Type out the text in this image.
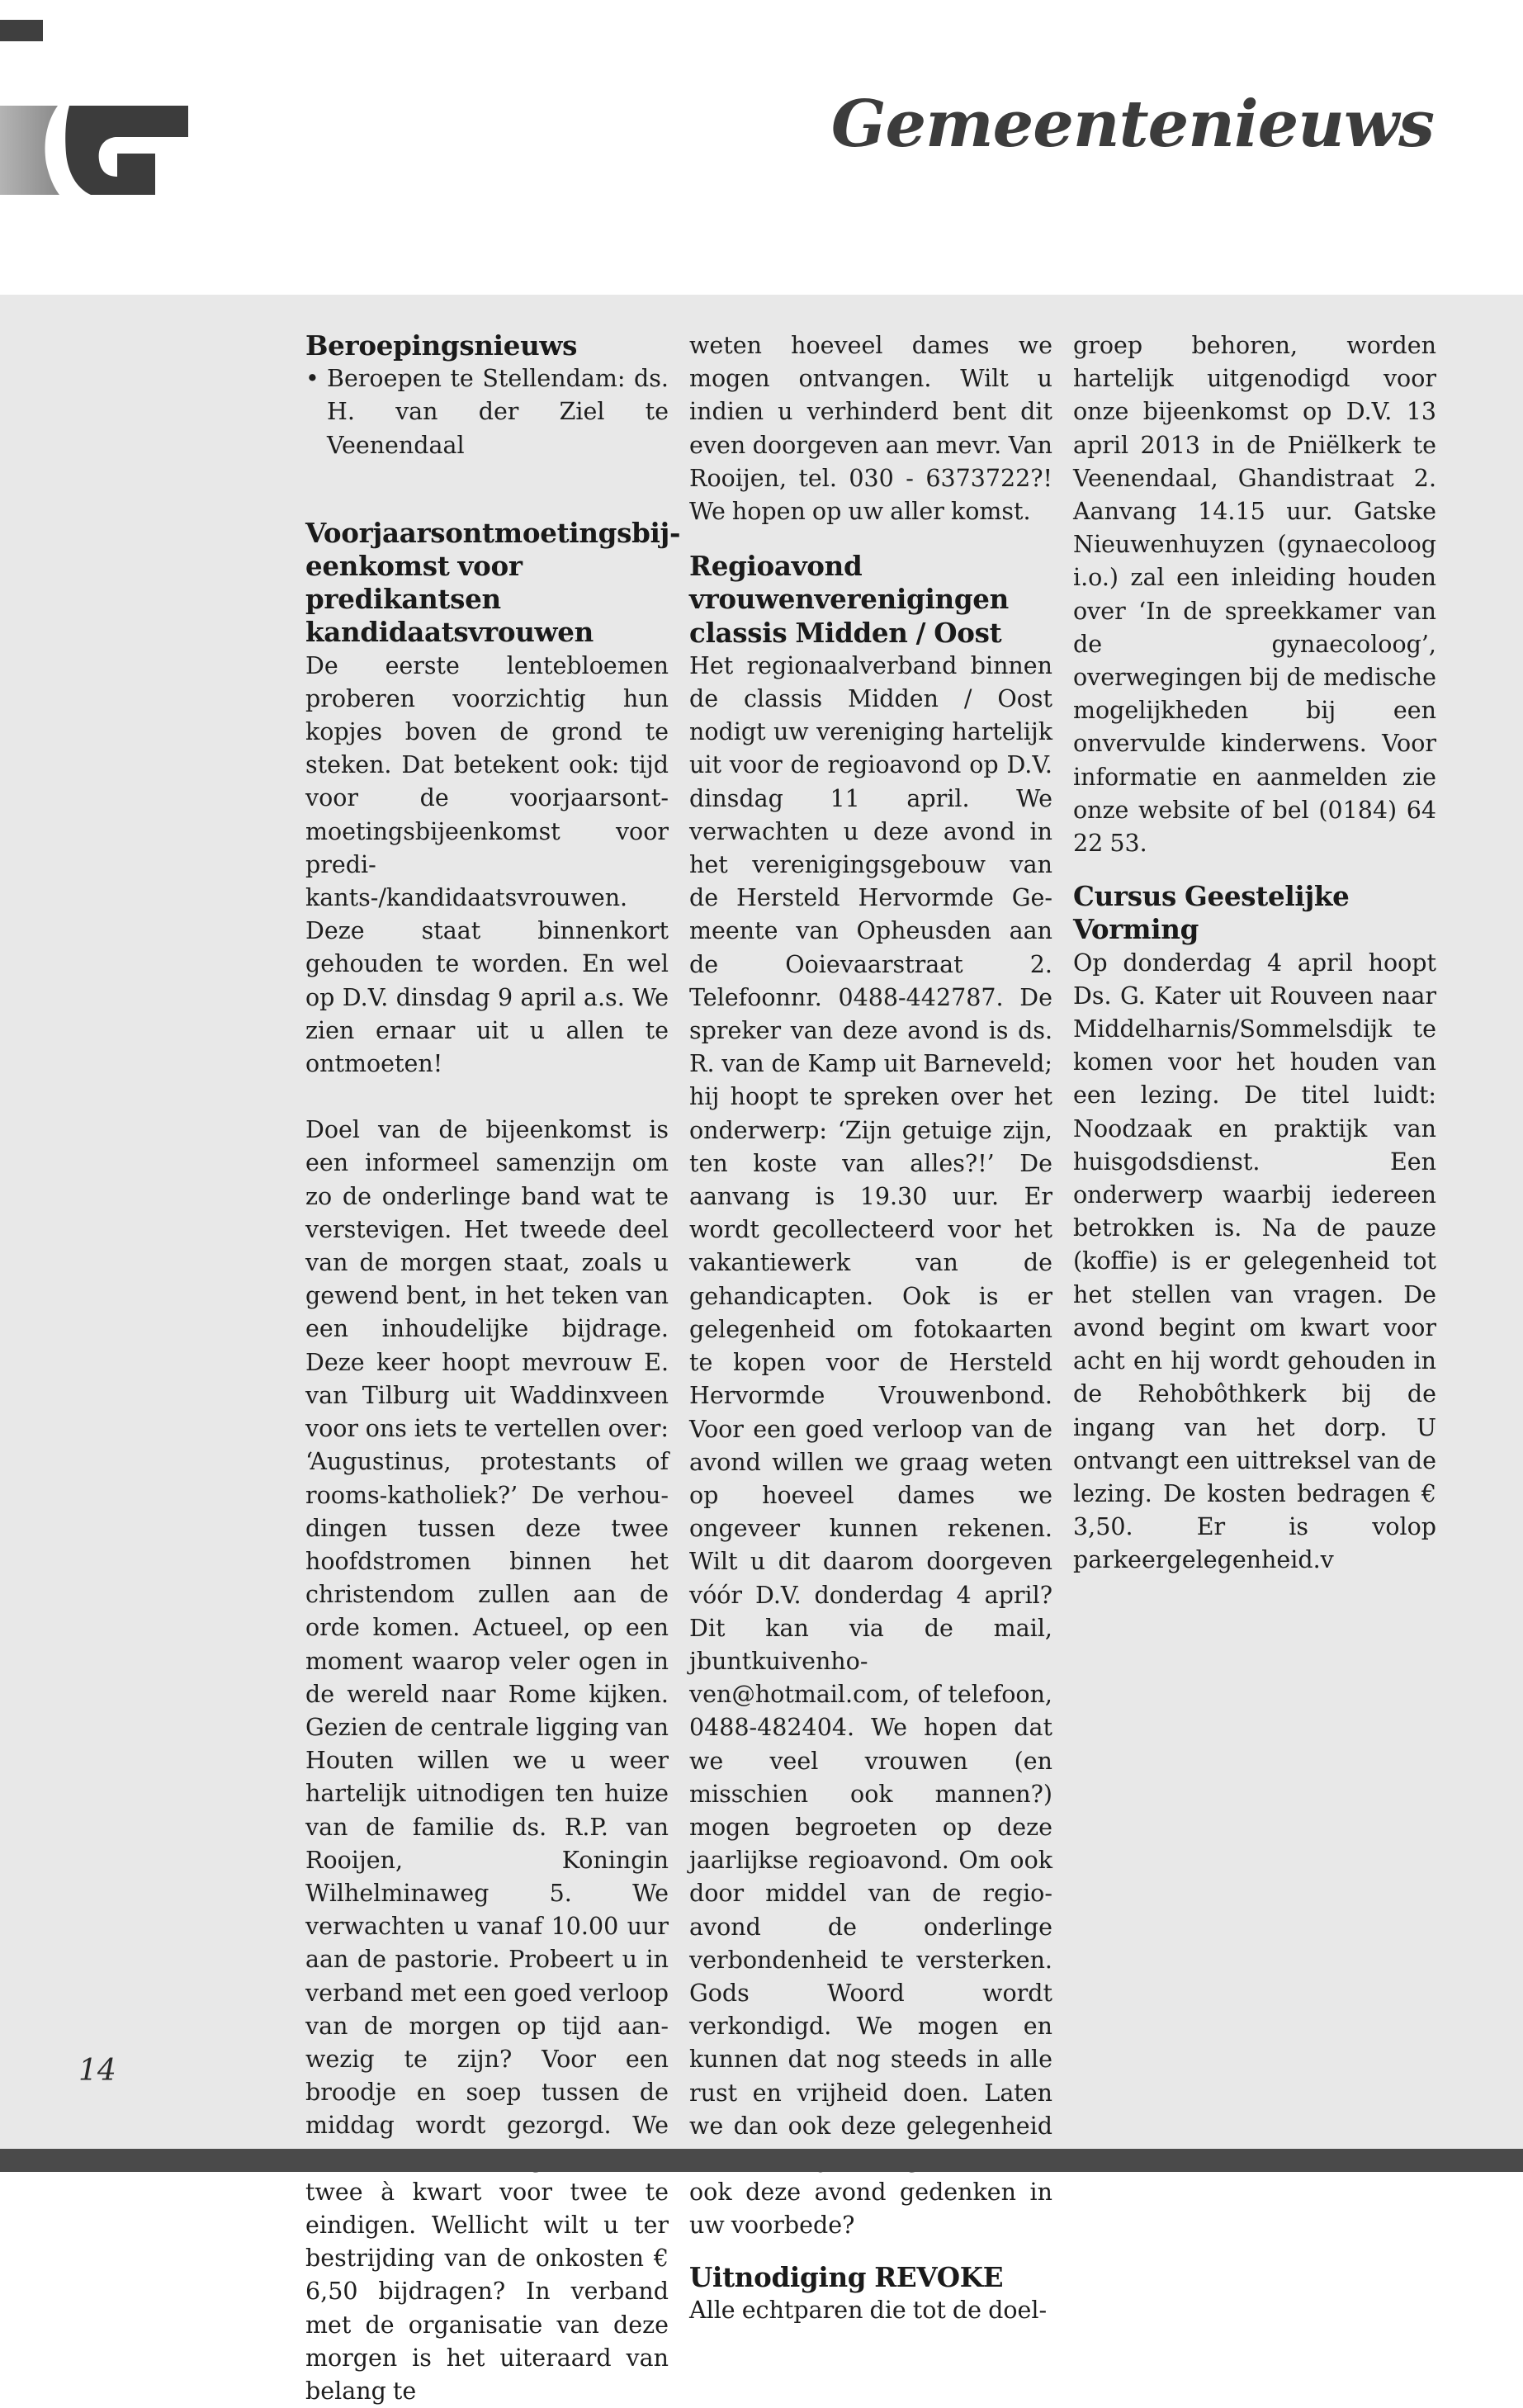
Gemeentenieuws
Beroepingsnieuws
• Beroepen te Stellendam: ds. H. van der Ziel te Veenendaal
Voorjaarsontmoetingsbijeenkomst voor predikantsen kandidaatsvrouwen

De eerste lentebloemen proberen voorzichtig hun kopjes boven de grond te steken. Dat betekent ook: tijd voor de voorjaarsontmoetingsbijeenkomst voor predikants-/kandidaatsvrouwen. Deze staat binnenkort gehouden te worden. En wel op D.V. dinsdag 9 april a.s. We zien ernaar uit u allen te ontmoeten!

Doel van de bijeenkomst is een informeel samenzijn om zo de onderlinge band wat te verstevigen. Het tweede deel van de morgen staat, zoals u gewend bent, in het teken van een inhoudelijke bijdrage. Deze keer hoopt mevrouw E. van Tilburg uit Waddinxveen voor ons iets te vertellen over: ‘Augustinus, protestants of rooms-katholiek?’ De verhoudingen tussen deze twee hoofdstromen binnen het christendom zullen aan de orde komen. Actueel, op een moment waarop veler ogen in de wereld naar Rome kijken. Gezien de centrale ligging van Houten willen we u weer hartelijk uitnodigen ten huize van de familie ds. R.P. van Rooijen, Koningin Wilhelminaweg 5. We verwachten u vanaf 10.00 uur aan de pastorie. Probeert u in verband met een goed verloop van de morgen op tijd aanwezig te zijn? Voor een broodje en soep tussen de middag wordt gezorgd. We twee à kwart voor twee te eindigen. Wellicht wilt u ter bestrijding van de onkosten € 6,50 bijdragen? In verband met de organisatie van deze morgen is het uiteraard van belang te

weten hoeveel dames we mogen ontvangen. Wilt u indien u verhinderd bent dit even doorgeven aan mevr. Van Rooijen, tel. 030 - 6373722?! We hopen op uw aller komst.

Regioavond vrouwenverenigingen classis Midden / Oost

Het regionaalverband binnen de classis Midden / Oost nodigt uw vereniging hartelijk uit voor de regioavond op D.V. dinsdag 11 april. We verwachten u deze avond in het verenigingsgebouw van de Hersteld Hervormde Gemeente van Opheusden aan de Ooievaarstraat 2. Telefoonnr. 0488-442787. De spreker van deze avond is ds. R. van de Kamp uit Barneveld; hij hoopt te spreken over het onderwerp: ‘Zijn getuige zijn, ten koste van alles?!’ De aanvang is 19.30 uur. Er wordt gecollecteerd voor het vakantiewerk van de gehandicapten. Ook is er gelegenheid om fotokaarten te kopen voor de Hersteld Hervormde Vrouwenbond. Voor een goed verloop van de avond willen we graag weten op hoeveel dames we ongeveer kunnen rekenen. Wilt u dit daarom doorgeven vóór D.V. donderdag 4 april? Dit kan via de mail, jbuntkuivenhoven@hotmail.com, of telefoon, 0488-482404. We hopen dat we veel vrouwen (en misschien ook mannen?) mogen begroeten op deze jaarlijkse regioavond. Om ook door middel van de regioavond de onderlinge verbondenheid te versterken. Gods Woord wordt verkondigd. We mogen en kunnen dat nog steeds in alle rust en vrijheid doen. Laten we dan ook deze gelegenheid ook deze avond gedenken in uw voorbede?

Uitnodiging REVOKE

Alle echtparen die tot de doel-

groep behoren, worden hartelijk uitgenodigd voor onze bijeenkomst op D.V. 13 april 2013 in de Pniëlkerk te Veenendaal, Ghandistraat 2. Aanvang 14.15 uur. Gatske Nieuwenhuyzen (gynaecoloog i.o.) zal een inleiding houden over ‘In de spreekkamer van de gynaecoloog’, overwegingen bij de medische mogelijkheden bij een onvervulde kinderwens. Voor informatie en aanmelden zie onze website of bel (0184) 64 22 53.

Cursus Geestelijke Vorming

Op donderdag 4 april hoopt Ds. G. Kater uit Rouveen naar Middelharnis/Sommelsdijk te komen voor het houden van een lezing. De titel luidt: Noodzaak en praktijk van huisgodsdienst. Een onderwerp waarbij iedereen betrokken is. Na de pauze (koffie) is er gelegenheid tot het stellen van vragen. De avond begint om kwart voor acht en hij wordt gehouden in de Rehobôthkerk bij de ingang van het dorp. U ontvangt een uittreksel van de lezing. De kosten bedragen € 3,50. Er is volop parkeergelegenheid.v

14
